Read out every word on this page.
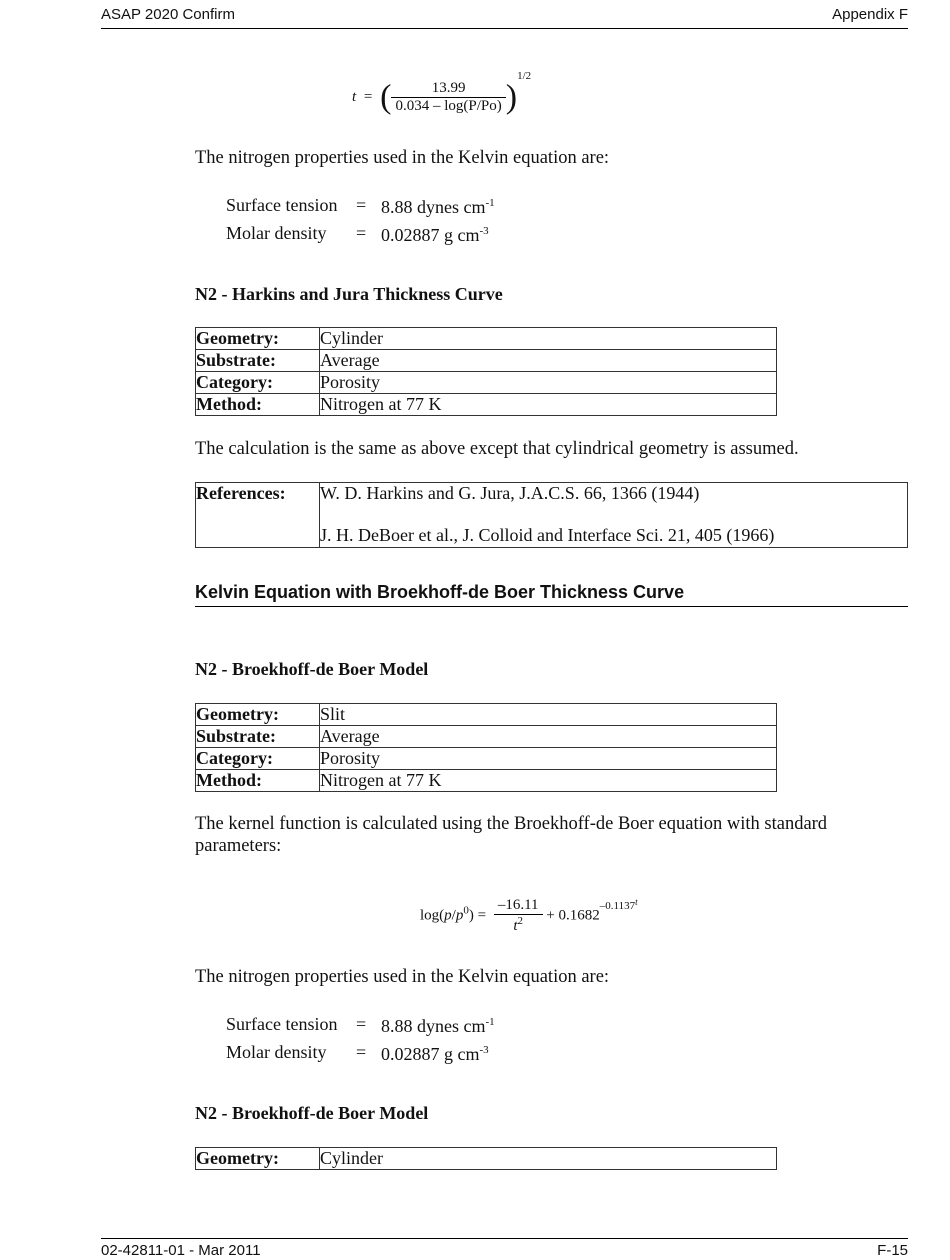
ASAP 2020 Confirm	Appendix F
t = ( $\frac{13.99}{0.034 - \log(P/Po)} )^{1/2}$
The nitrogen properties used in the Kelvin equation are:
Surface tension	=	8.88 dynes $cm^{-1}$
Molar density	=	0.02887 g $cm^{-3}$
N2 - Harkins and Jura Thickness Curve
Geometry:	Cylinder
Substrate:	Average
Category:	Porosity
Method:	Nitrogen at 77 K
The calculation is the same as above except that cylindrical geometry is assumed.
References:	W. D. Harkins and G. Jura, J.A.C.S. 66, 1366 (1944)
J. H. DeBoer et al., J. Colloid and Interface Sci. 21, 405 (1966)
Kelvin Equation with Broekhoff-de Boer Thickness Curve
N2 - Broekhoff-de Boer Model
Geometry:	Slit
Substrate:	Average
Category:	Porosity
Method:	Nitrogen at 77 K
The kernel function is calculated using the Broekhoff-de Boer equation with standard parameters:
$\log(p/p^0) = \frac{-16.11}{t^2} + 0.1682^{-0.1137^t}$
The nitrogen properties used in the Kelvin equation are:
Surface tension	=	8.88 dynes $cm^{-1}$
Molar density	=	0.02887 g $cm^{-3}$
N2 - Broekhoff-de Boer Model
Geometry:	Cylinder
02-42811-01 - Mar 2011	F-15
